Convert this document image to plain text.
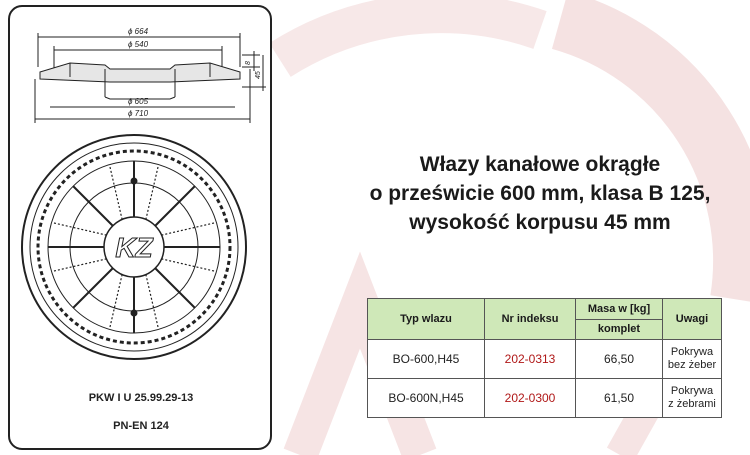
ϕ 664
ϕ 540
ϕ 605
ϕ 710
8
45
KZ
PKW I U 25.99.29-13
PN-EN 124
Włazy kanałowe okrągłe
o prześwicie 600 mm, klasa B 125,
wysokość korpusu 45 mm
Typ wlazu	Nr indeksu	Masa w [kg]	Uwagi
		komplet	
BO-600,H45	202-0313	66,50	Pokrywa
bez żeber

BO-600N,H45	202-0300	61,50	Pokrywa
z żebrami
